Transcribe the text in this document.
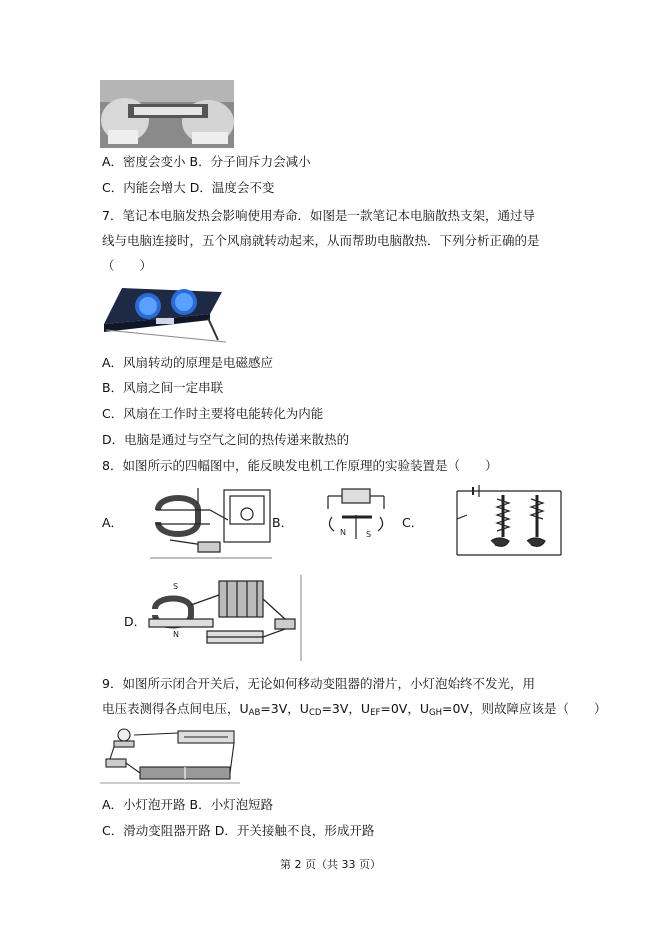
A．密度会变小 B．分子间斥力会减小
C．内能会增大 D．温度会不变
7．笔记本电脑发热会影响使用寿命．如图是一款笔记本电脑散热支架，通过导
线与电脑连接时，五个风扇就转动起来，从而帮助电脑散热．下列分析正确的是
（　　）
A．风扇转动的原理是电磁感应
B．风扇之间一定串联
C．风扇在工作时主要将电能转化为内能
D．电脑是通过与空气之间的热传递来散热的
8．如图所示的四幅图中，能反映发电机工作原理的实验装置是（　　）
A．	B．
N	S
C．
D．
S
N
9．如图所示闭合开关后，无论如何移动变阻器的滑片，小灯泡始终不发光，用
电压表测得各点间电压，$U_{AB}=3V$，$U_{CD}=3V$，$U_{EF}=0V$，$U_{GH}=0V$，则故障应该是（　　）
A．小灯泡开路 B．小灯泡短路
C．滑动变阻器开路 D．开关接触不良，形成开路
第 2 页（共 33 页）
